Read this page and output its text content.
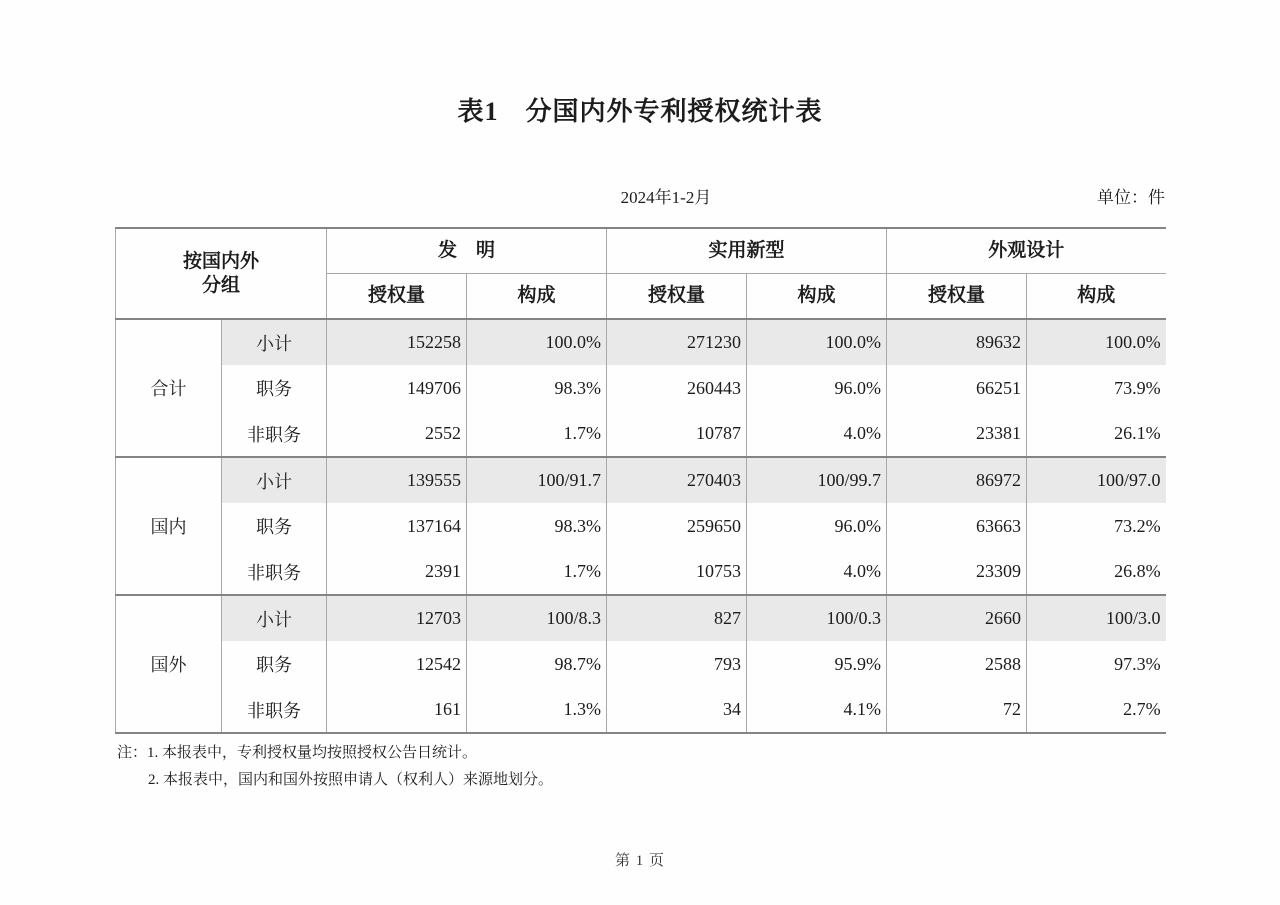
表1　分国内外专利授权统计表
2024年1-2月	单位：件
按国内外
分组		发　明		实用新型		外观设计	
		授权量	构成	授权量	构成	授权量	构成
合计	小计	152258	100.0%	271230	100.0%	89632	100.0%
	职务	149706	98.3%	260443	96.0%	66251	73.9%
	非职务	2552	1.7%	10787	4.0%	23381	26.1%
国内	小计	139555	100/91.7	270403	100/99.7	86972	100/97.0
	职务	137164	98.3%	259650	96.0%	63663	73.2%
	非职务	2391	1.7%	10753	4.0%	23309	26.8%
国外	小计	12703	100/8.3	827	100/0.3	2660	100/3.0
	职务	12542	98.7%	793	95.9%	2588	97.3%
	非职务	161	1.3%	34	4.1%	72	2.7%
注：1. 本报表中，专利授权量均按照授权公告日统计。
2. 本报表中，国内和国外按照申请人（权利人）来源地划分。
第 1 页
